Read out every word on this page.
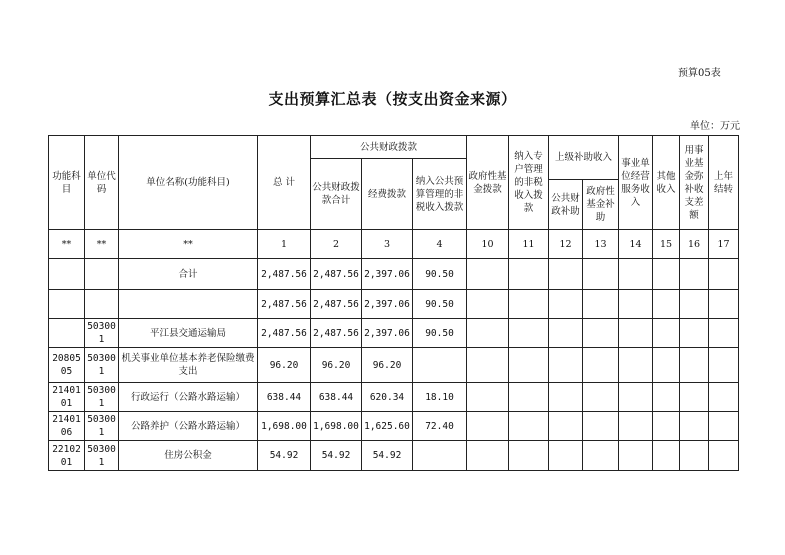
预算05表
支出预算汇总表（按支出资金来源）
单位：万元
功能科目	单位代码	单位名称(功能科目)	总 计	公共财政拨款			政府性基金拨款	纳入专户管理的非税收入拨款	上级补助收入		事业单位经营服务收入	其他收入	用事业基金弥补收支差额	上年结转
				公共财政拨款合计	经费拨款	纳入公共预算管理的非税收入拨款								
									公共财政补助	政府性基金补助				
**	**	**	1	2	3	4	10	11	12	13	14	15	16	17
		合计	2,487.56	2,487.56	2,397.06	90.50								
			2,487.56	2,487.56	2,397.06	90.50								
	503001	平江县交通运输局	2,487.56	2,487.56	2,397.06	90.50								
2080505	503001	机关事业单位基本养老保险缴费支出	96.20	96.20	96.20									
2140101	503001	行政运行（公路水路运输）	638.44	638.44	620.34	18.10								
2140106	503001	公路养护（公路水路运输）	1,698.00	1,698.00	1,625.60	72.40								
2210201	503001	住房公积金	54.92	54.92	54.92									
